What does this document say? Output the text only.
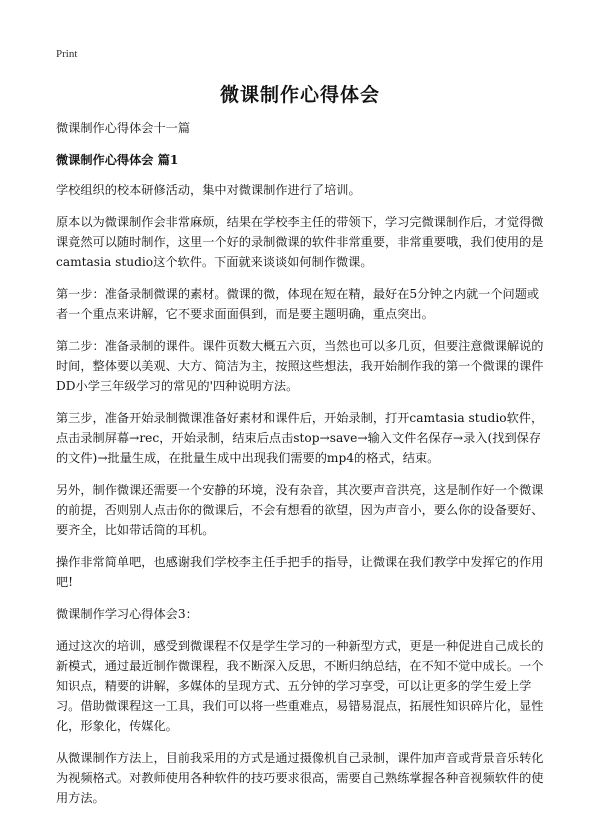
Print
微课制作心得体会
微课制作心得体会十一篇
微课制作心得体会 篇1
学校组织的校本研修活动，集中对微课制作进行了培训。
原本以为微课制作会非常麻烦，结果在学校李主任的带领下，学习完微课制作后，才觉得微课竟然可以随时制作，这里一个好的录制微课的软件非常重要，非常重要哦，我们使用的是camtasia studio这个软件。下面就来谈谈如何制作微课。
第一步：准备录制微课的素材。微课的微，体现在短在精，最好在5分钟之内就一个问题或者一个重点来讲解，它不要求面面俱到，而是要主题明确，重点突出。
第二步：准备录制的课件。课件页数大概五六页，当然也可以多几页，但要注意微课解说的时间，整体要以美观、大方、简洁为主，按照这些想法，我开始制作我的第一个微课的课件DD小学三年级学习的常见的'四种说明方法。
第三步，准备开始录制微课准备好素材和课件后，开始录制，打开camtasia studio软件，点击录制屏幕→rec，开始录制，结束后点击stop→save→输入文件名保存→录入(找到保存的文件)→批量生成，在批量生成中出现我们需要的mp4的格式，结束。
另外，制作微课还需要一个安静的环境，没有杂音，其次要声音洪亮，这是制作好一个微课的前提，否则别人点击你的微课后，不会有想看的欲望，因为声音小，要么你的设备要好、要齐全，比如带话筒的耳机。
操作非常简单吧，也感谢我们学校李主任手把手的指导，让微课在我们教学中发挥它的作用吧!
微课制作学习心得体会3：
通过这次的培训，感受到微课程不仅是学生学习的一种新型方式，更是一种促进自己成长的新模式，通过最近制作微课程，我不断深入反思，不断归纳总结，在不知不觉中成长。一个知识点，精要的讲解，多媒体的呈现方式、五分钟的学习享受，可以让更多的学生爱上学习。借助微课程这一工具，我们可以将一些重难点，易错易混点，拓展性知识碎片化，显性化，形象化，传媒化。
从微课制作方法上，目前我采用的方式是通过摄像机自己录制，课件加声音或背景音乐转化为视频格式。对教师使用各种软件的技巧要求很高，需要自己熟练掌握各种音视频软件的使用方法。
